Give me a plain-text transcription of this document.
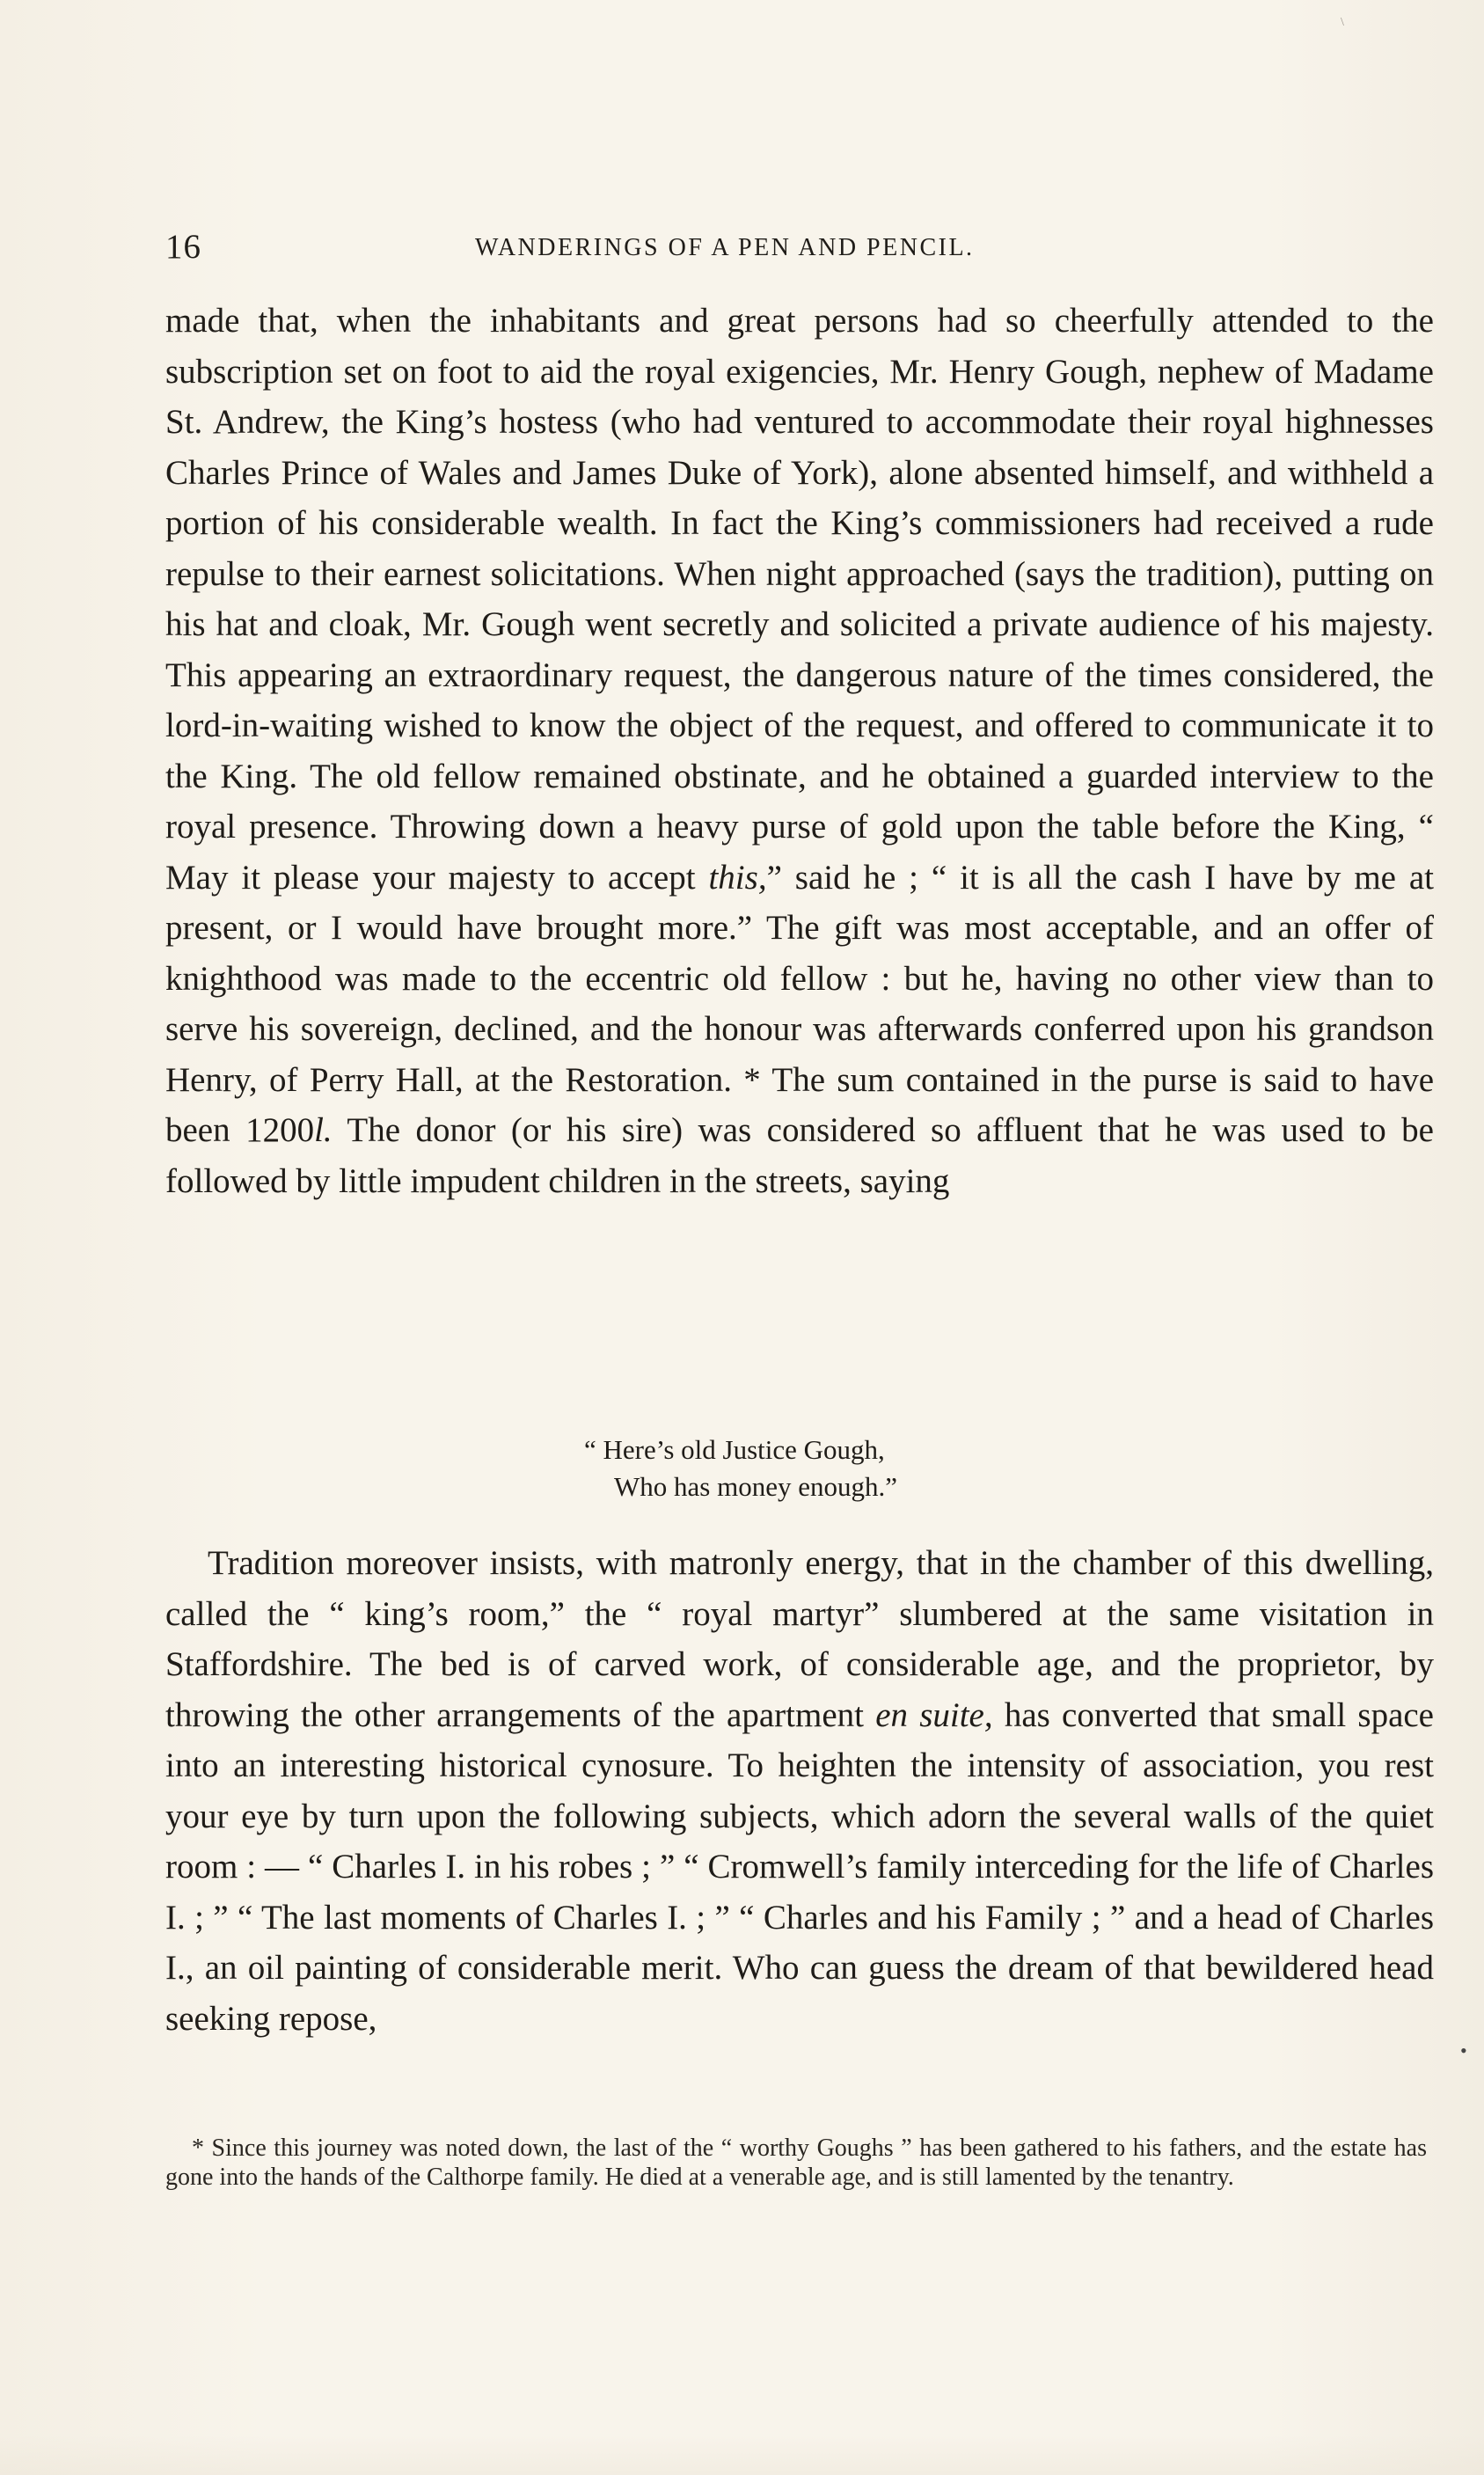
\
16	WANDERINGS OF A PEN AND PENCIL.

made that, when the inhabitants and great persons had so cheerfully attended to the subscription set on foot to aid the royal exigencies, Mr. Henry Gough, nephew of Madame St. Andrew, the King’s hostess (who had ventured to accommodate their royal highnesses Charles Prince of Wales and James Duke of York), alone absented himself, and withheld a portion of his considerable wealth. In fact the King’s commissioners had received a rude repulse to their earnest solicitations. When night approached (says the tradition), putting on his hat and cloak, Mr. Gough went secretly and solicited a private audience of his majesty. This appearing an extraordinary request, the dangerous nature of the times considered, the lord-in-waiting wished to know the object of the request, and offered to communicate it to the King. The old fellow remained obstinate, and he obtained a guarded interview to the royal presence. Throwing down a heavy purse of gold upon the table before the King, “ May it please your majesty to accept this,” said he ; “ it is all the cash I have by me at present, or I would have brought more.” The gift was most acceptable, and an offer of knighthood was made to the eccentric old fellow : but he, having no other view than to serve his sovereign, declined, and the honour was afterwards conferred upon his grandson Henry, of Perry Hall, at the Restoration. * The sum contained in the purse is said to have been 1200l. The donor (or his sire) was considered so affluent that he was used to be followed by little impudent children in the streets, saying

“ Here’s old Justice Gough,
Who has money enough.”

Tradition moreover insists, with matronly energy, that in the chamber of this dwelling, called the “ king’s room,” the “ royal martyr” slumbered at the same visitation in Staffordshire. The bed is of carved work, of considerable age, and the proprietor, by throwing the other arrangements of the apartment en suite, has converted that small space into an interesting historical cynosure. To heighten the intensity of association, you rest your eye by turn upon the following subjects, which adorn the several walls of the quiet room : — “ Charles I. in his robes ; ” “ Cromwell’s family interceding for the life of Charles I. ; ” “ The last moments of Charles I. ; ” “ Charles and his Family ; ” and a head of Charles I., an oil painting of considerable merit. Who can guess the dream of that bewildered head seeking repose,

•

* Since this journey was noted down, the last of the “ worthy Goughs ” has been gathered to his fathers, and the estate has gone into the hands of the Calthorpe family. He died at a venerable age, and is still lamented by the tenantry.
